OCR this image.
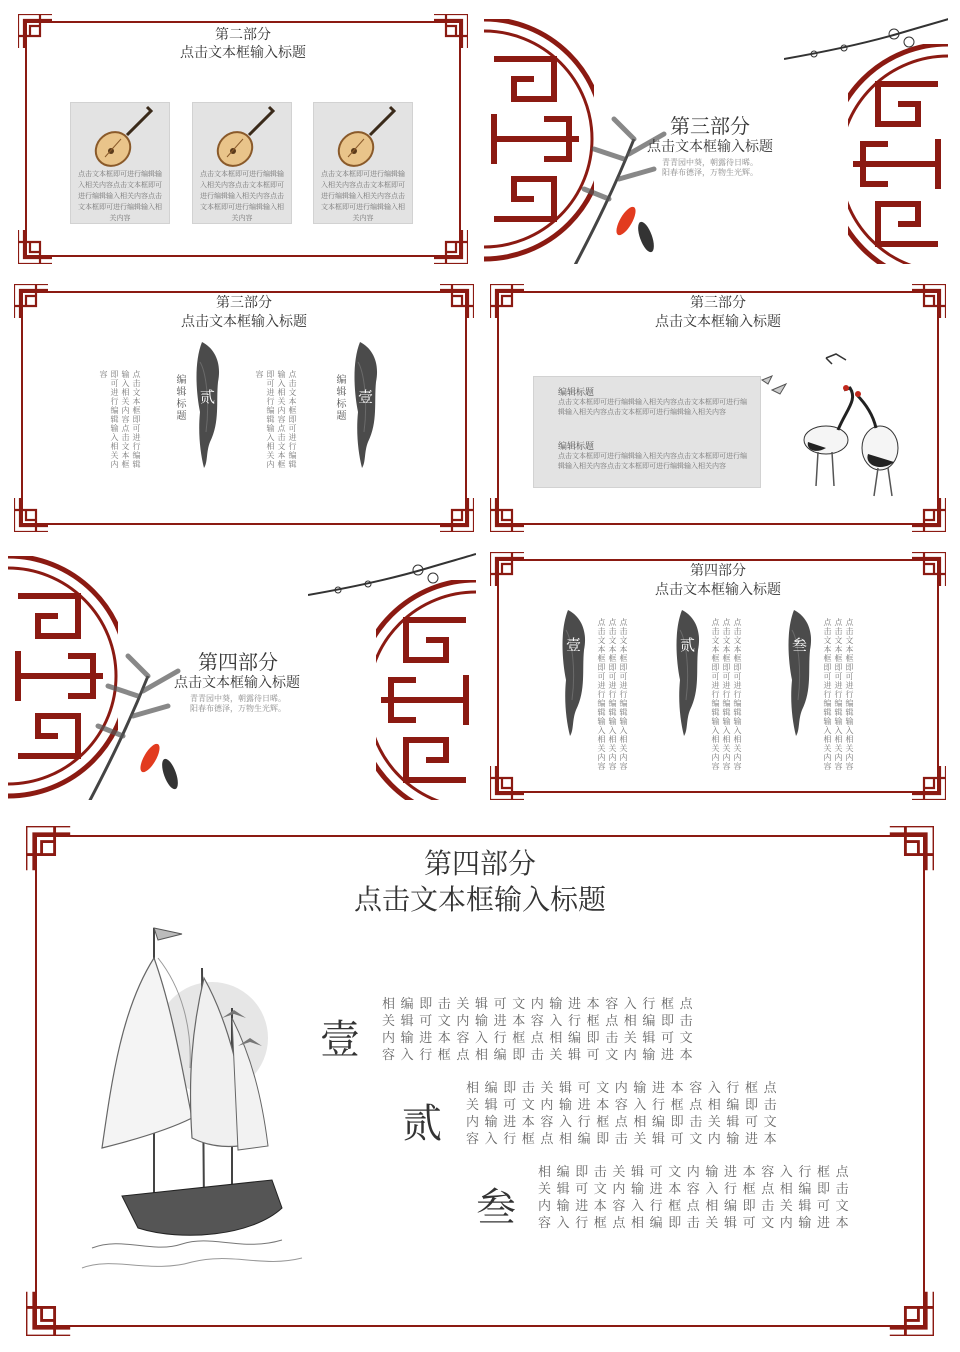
第二部分
点击文本框输入标题
点击文本框即可进行编辑输入相关内容点击文本框即可进行编辑输入相关内容点击文本框即可进行编辑输入相关内容
点击文本框即可进行编辑输入相关内容点击文本框即可进行编辑输入相关内容点击文本框即可进行编辑输入相关内容
点击文本框即可进行编辑输入相关内容点击文本框即可进行编辑输入相关内容点击文本框即可进行编辑输入相关内容
第三部分
点击文本框输入标题
青青园中葵，朝露待日晞。
阳春布德泽，万物生光辉。
第三部分
点击文本框输入标题
点击文本框即可进行编辑输入相关内容点击文本框即可进行编辑输入相关内容	编辑标题 贰	点击文本框即可进行编辑输入相关内容点击文本框即可进行编辑输入相关内容	编辑标题 壹
第三部分
点击文本框输入标题
编辑标题
点击文本框即可进行编辑输入相关内容点击文本框即可进行编辑输入相关内容点击文本框即可进行编辑输入相关内容
编辑标题
点击文本框即可进行编辑输入相关内容点击文本框即可进行编辑输入相关内容点击文本框即可进行编辑输入相关内容
第四部分
点击文本框输入标题
青青园中葵，朝露待日晞。
阳春布德泽，万物生光辉。
第四部分
点击文本框输入标题
壹	点击文本框即可进行编辑输入相关内容点击文本框即可进行编辑输入相关内容点击文本框即可进行编辑输入相关内容	贰	点击文本框即可进行编辑输入相关内容点击文本框即可进行编辑输入相关内容点击文本框即可进行编辑输入相关内容	叁	点击文本框即可进行编辑输入相关内容点击文本框即可进行编辑输入相关内容点击文本框即可进行编辑输入相关内容
第四部分
点击文本框输入标题
壹
相编即击关辑可文内输进本容入行框点
关辑可文内输进本容入行框点相编即击
内输进本容入行框点相编即击关辑可文
容入行框点相编即击关辑可文内输进本
贰
相编即击关辑可文内输进本容入行框点
关辑可文内输进本容入行框点相编即击
内输进本容入行框点相编即击关辑可文
容入行框点相编即击关辑可文内输进本
叁
相编即击关辑可文内输进本容入行框点
关辑可文内输进本容入行框点相编即击
内输进本容入行框点相编即击关辑可文
容入行框点相编即击关辑可文内输进本
